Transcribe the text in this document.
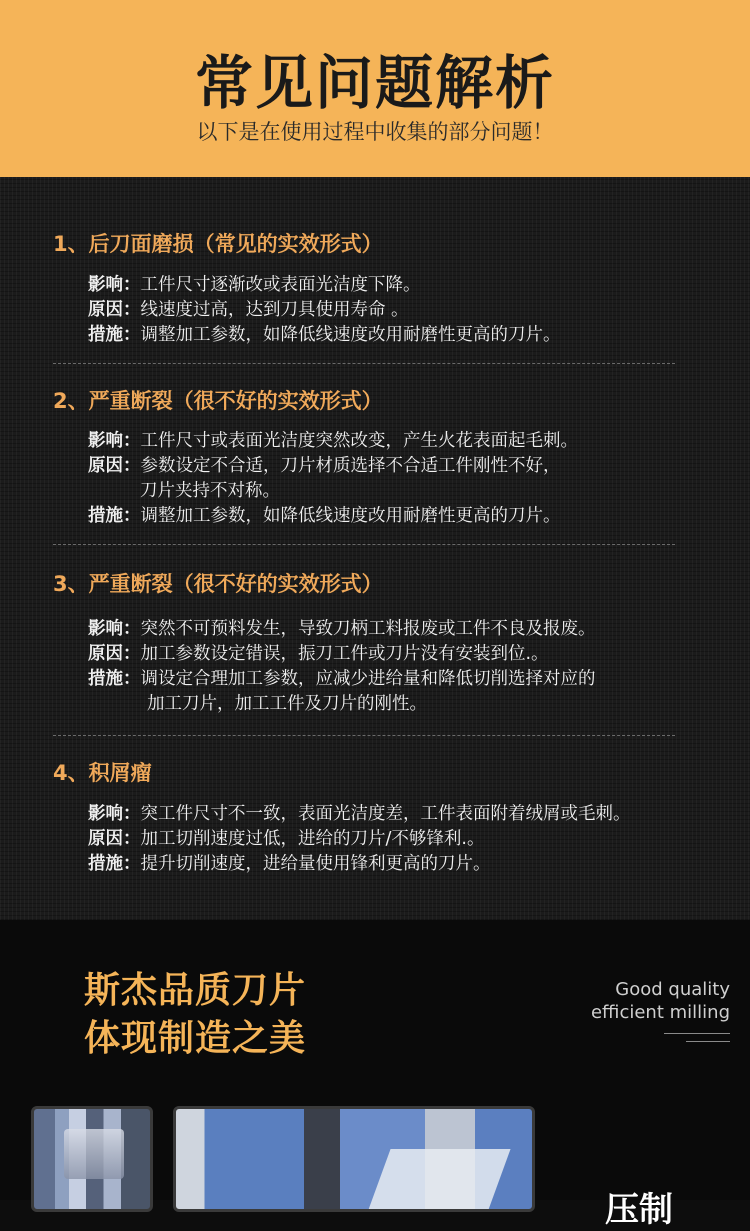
常见问题解析
以下是在使用过程中收集的部分问题！
1、后刀面磨损（常见的实效形式）
影响：工件尺寸逐渐改或表面光洁度下降。
原因：线速度过高，达到刀具使用寿命 。
措施：调整加工参数，如降低线速度改用耐磨性更高的刀片。
2、严重断裂（很不好的实效形式）
影响：工件尺寸或表面光洁度突然改变，产生火花表面起毛刺。
原因：参数设定不合适，刀片材质选择不合适工件刚性不好，
刀片夹持不对称。
措施：调整加工参数，如降低线速度改用耐磨性更高的刀片。
3、严重断裂（很不好的实效形式）
影响：突然不可预料发生，导致刀柄工料报废或工件不良及报废。
原因：加工参数设定错误，振刀工件或刀片没有安装到位.。
措施：调设定合理加工参数，应减少进给量和降低切削选择对应的
加工刀片，加工工件及刀片的刚性。
4、积屑瘤
影响：突工件尺寸不一致，表面光洁度差，工件表面附着绒屑或毛刺。
原因：加工切削速度过低，进给的刀片/不够锋利.。
措施：提升切削速度，进给量使用锋利更高的刀片。
斯杰品质刀片
体现制造之美
Good quality
efficient milling
压制
